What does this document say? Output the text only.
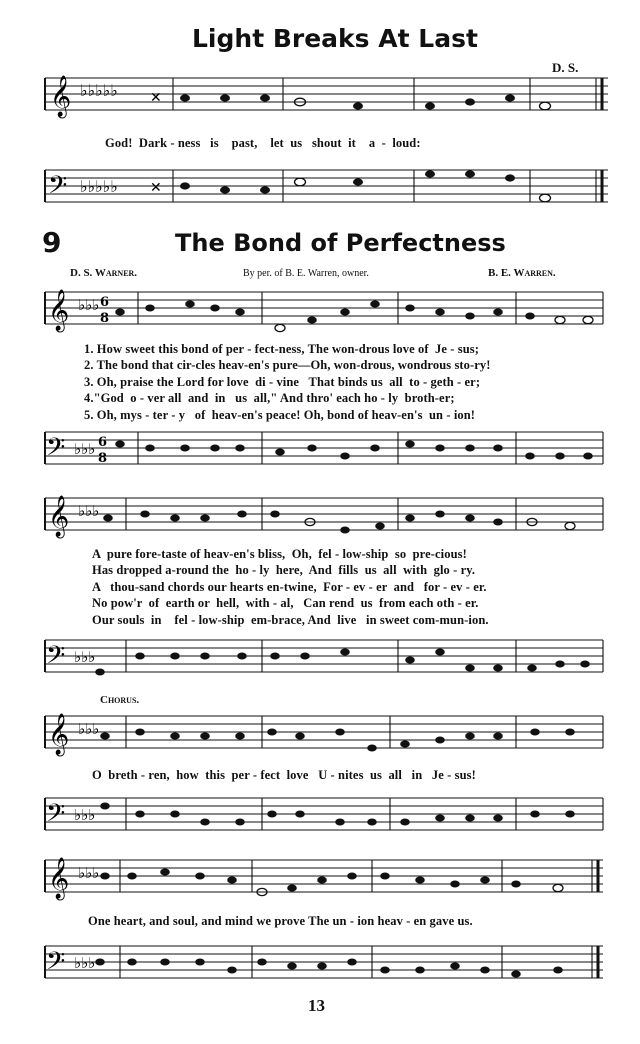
Light Breaks At Last
D. S.
𝄞 ♭♭♭♭♭ ✕
God!  Dark - ness   is    past,    let  us   shout  it    a  -  loud:
𝄢 ♭♭♭♭♭ ✕
9	The Bond of Perfectness
D. S. Warner.	By per. of B. E. Warren, owner.	B. E. Warren.
𝄞 ♭♭♭ 6
8
1. How sweet this bond of per - fect-ness, The won-drous love of  Je - sus;
2. The bond that cir-cles heav-en's pure—Oh, won-drous, wondrous sto-ry!
3. Oh, praise the Lord for love  di - vine   That binds us  all  to - geth - er;
4."God  o - ver all  and  in   us  all," And thro' each ho - ly  broth-er;
5. Oh, mys - ter - y   of  heav-en's peace! Oh, bond of heav-en's  un - ion!
𝄢 ♭♭♭ 6
8
𝄞 ♭♭♭
A  pure fore-taste of heav-en's bliss,  Oh,  fel - low-ship  so  pre-cious!
Has dropped a-round the  ho - ly  here,  And  fills  us  all  with  glo - ry.
A   thou-sand chords our hearts en-twine,  For - ev - er  and   for - ev - er.
No pow'r  of  earth or  hell,  with - al,   Can rend  us  from each oth - er.
Our souls  in    fel - low-ship  em-brace, And  live   in sweet com-mun-ion.
𝄢 ♭♭♭
Chorus.
𝄞 ♭♭♭
O  breth - ren,  how  this  per - fect  love   U - nites  us  all   in   Je - sus!
𝄢 ♭♭♭
𝄞 ♭♭♭
One heart, and soul, and mind we prove The un - ion heav - en gave us.
𝄢 ♭♭♭
13
